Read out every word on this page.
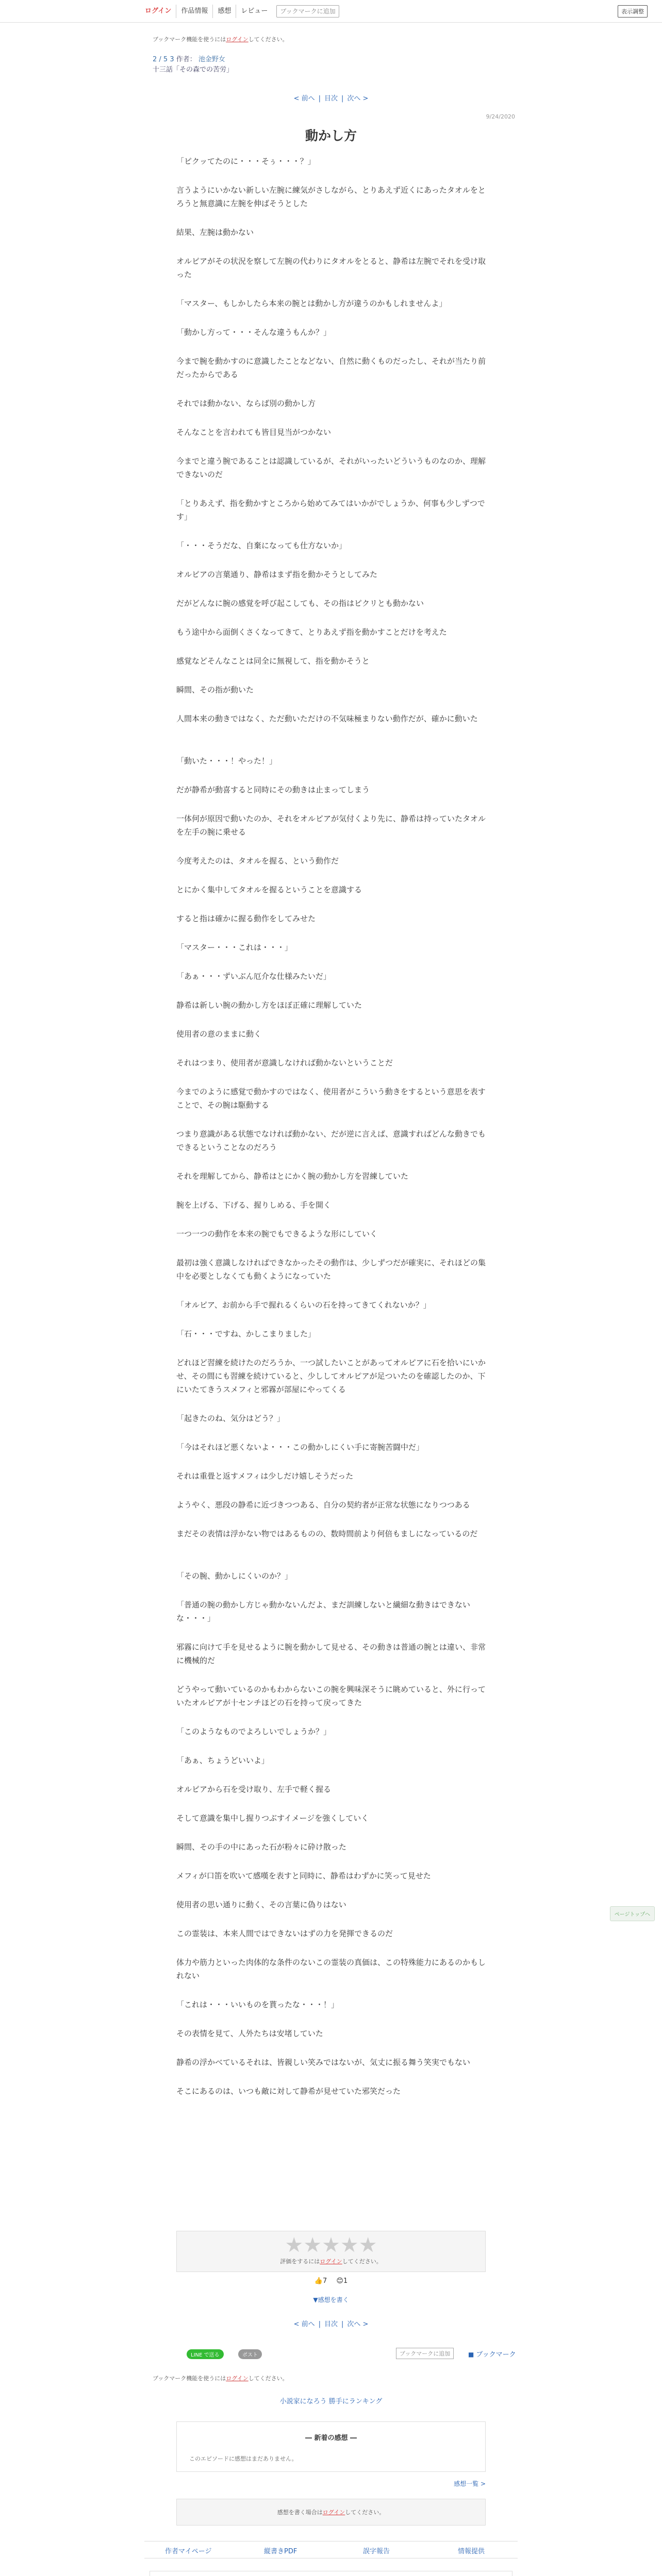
ログイン	作品情報	感想	レビュー	ブックマークに追加	表示調整
ブックマーク機能を使うにはログインしてください。
2 / 5 3 作者： 池金野女
十三話「その森での苦労」
< 前へ | 目次 | 次へ >
9/24/2020
動かし方
「ピクッてたのに・・・そぅ・・・？」
言うようにいかない新しい左腕に練気がさしながら、とりあえず近くにあったタオルをとろうと無意識に左腕を伸ばそうとした
結果、左腕は動かない
オルピアがその状況を察して左腕の代わりにタオルをとると、静希は左腕でそれを受け取った
「マスター、もしかしたら本来の腕とは動かし方が違うのかもしれませんよ」
「動かし方って・・・そんな違うもんか？」
今まで腕を動かすのに意識したことなどない、自然に動くものだったし、それが当たり前だったからである
それでは動かない、ならば別の動かし方
そんなことを言われても皆目見当がつかない
今までと違う腕であることは認識しているが、それがいったいどういうものなのか、理解できないのだ
「とりあえず、指を動かすところから始めてみてはいかがでしょうか、何事も少しずつです」
「・・・そうだな、自棄になっても仕方ないか」
オルピアの言葉通り、静希はまず指を動かそうとしてみた
だがどんなに腕の感覚を呼び起こしても、その指はピクリとも動かない
もう途中から面倒くさくなってきて、とりあえず指を動かすことだけを考えた
感覚などそんなことは同全に無視して、指を動かそうと
瞬間、その指が動いた
人間本来の動きではなく、ただ動いただけの不気味極まりない動作だが、確かに動いた
「動いた・・・！やった！」
だが静希が動喜すると同時にその動きは止まってしまう
一体何が原因で動いたのか、それをオルピアが気付くより先に、静希は持っていたタオルを左手の腕に乗せる
今度考えたのは、タオルを握る、という動作だ
とにかく集中してタオルを握るということを意識する
すると指は確かに握る動作をしてみせた
「マスター・・・これは・・・」
「あぁ・・・ずいぶん厄介な仕様みたいだ」
静希は新しい腕の動かし方をほぼ正確に理解していた
使用者の意のままに動く
それはつまり、使用者が意識しなければ動かないということだ
今までのように感覚で動かすのではなく、使用者がこういう動きをするという意思を表すことで、その腕は駆動する
つまり意識がある状態でなければ動かない、だが逆に言えば、意識すればどんな動きでもできるということなのだろう
それを理解してから、静希はとにかく腕の動かし方を習練していた
腕を上げる、下げる、握りしめる、手を開く
一つ一つの動作を本来の腕でもできるような形にしていく
最初は強く意識しなければできなかったその動作は、少しずつだが確実に、それほどの集中を必要としなくても動くようになっていた
「オルピア、お前から手で握れるくらいの石を持ってきてくれないか？」
「石・・・ですね、かしこまりました」
どれほど習練を続けたのだろうか、一つ試したいことがあってオルピアに石を拾いにいかせ、その間にも習練を続けていると、少ししてオルピアが足ついたのを確認したのか、下にいたてきうスメフィと邪霧が部屋にやってくる
「起きたのね、気分はどう？」
「今はそれほど悪くないよ・・・この動かしにくい手に寄腕苦闘中だ」
それは重畳と返すメフィは少しだけ嬉しそうだった
ようやく、悪段の静希に近づきつつある、自分の契約者が正常な状態になりつつある
まだその表情は浮かない物ではあるものの、数時間前より何倍もましになっているのだ
「その腕、動かしにくいのか？」
「普通の腕の動かし方じゃ動かないんだよ、まだ訓練しないと繊細な動きはできないな・・・」
邪霧に向けて手を見せるように腕を動かして見せる、その動きは普通の腕とは違い、非常に機械的だ
どうやって動いているのかもわからないこの腕を興味深そうに眺めていると、外に行っていたオルピアが十センチほどの石を持って戻ってきた
「このようなものでよろしいでしょうか？」
「あぁ、ちょうどいいよ」
オルピアから石を受け取り、左手で軽く握る
そして意識を集中し握りつぶすイメージを強くしていく
瞬間、その手の中にあった石が粉々に砕け散った
メフィが口笛を吹いて感嘆を表すと同時に、静希はわずかに笑って見せた
使用者の思い通りに動く、その言葉に偽りはない
この霊装は、本来人間ではできないはずの力を発揮できるのだ
体力や筋力といった肉体的な条件のないこの霊装の真価は、この特殊能力にあるのかもしれない
「これは・・・いいものを貰ったな・・・！」
その表情を見て、人外たちは安堵していた
静希の浮かべているそれは、皆親しい笑みではないが、気丈に振る舞う笑実でもない
そこにあるのは、いつも敵に対して静希が見せていた邪笑だった
★★★★★
評価をするにはログインしてください。
👍7 😊1
▼感想を書く
< 前へ | 目次 | 次へ >
LINE で送る	ポスト	ブックマークに追加	■ ブックマーク
ブックマーク機能を使うにはログインしてください。
小説家になろう 勝手にランキング
― 新着の感想 ―
このエピソードに感想はまだありません。
感想一覧 >
感想を書く場合はログインしてください。
作者マイページ	縦書きPDF	誤字報告	情報提供
ページトップへ
